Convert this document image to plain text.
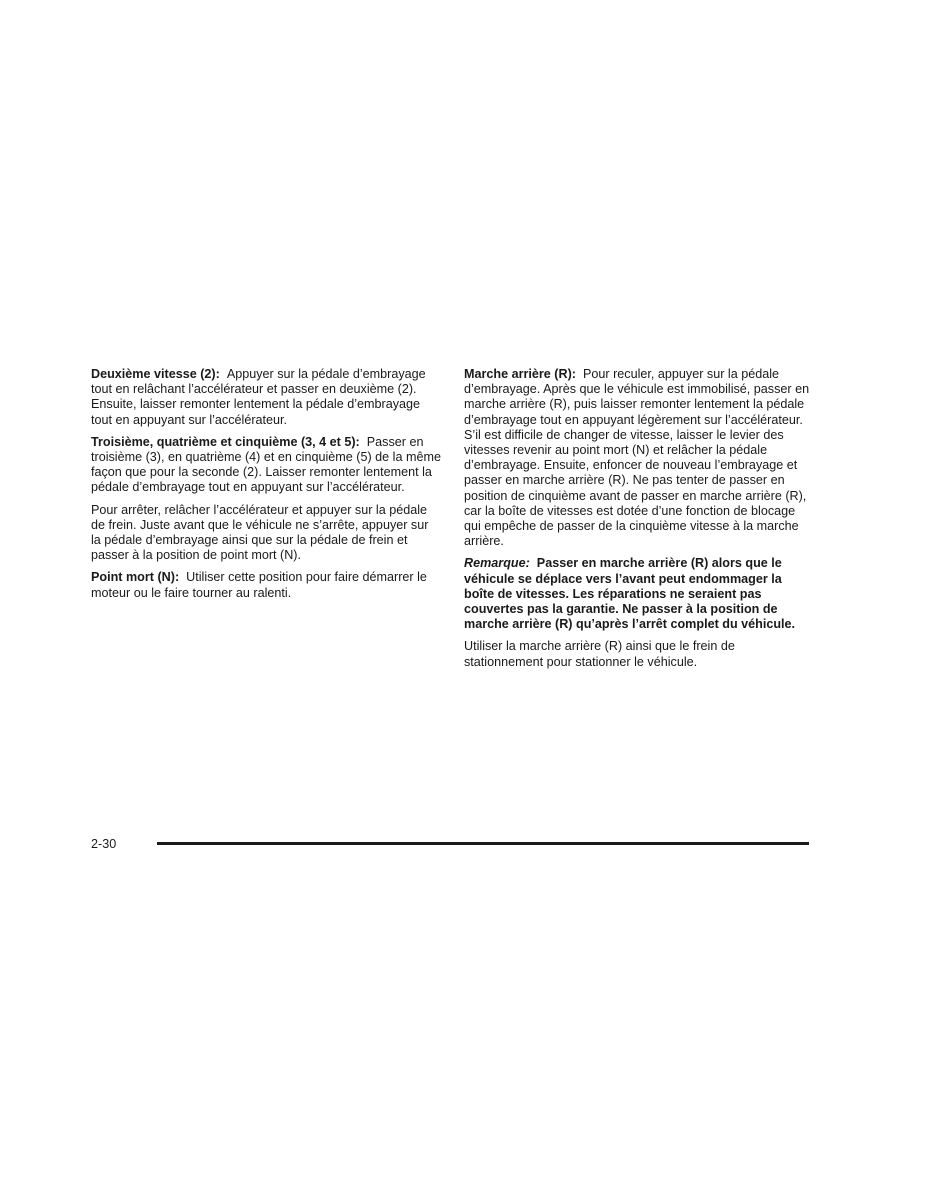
Deuxième vitesse (2): Appuyer sur la pédale d’embrayage tout en relâchant l’accélérateur et passer en deuxième (2). Ensuite, laisser remonter lentement la pédale d’embrayage tout en appuyant sur l’accélérateur.

Troisième, quatrième et cinquième (3, 4 et 5): Passer en troisième (3), en quatrième (4) et en cinquième (5) de la même façon que pour la seconde (2). Laisser remonter lentement la pédale d’embrayage tout en appuyant sur l’accélérateur.

Pour arrêter, relâcher l’accélérateur et appuyer sur la pédale de frein. Juste avant que le véhicule ne s’arrête, appuyer sur la pédale d’embrayage ainsi que sur la pédale de frein et passer à la position de point mort (N).

Point mort (N): Utiliser cette position pour faire démarrer le moteur ou le faire tourner au ralenti.

Marche arrière (R): Pour reculer, appuyer sur la pédale d’embrayage. Après que le véhicule est immobilisé, passer en marche arrière (R), puis laisser remonter lentement la pédale d’embrayage tout en appuyant légèrement sur l’accélérateur. S’il est difficile de changer de vitesse, laisser le levier des vitesses revenir au point mort (N) et relâcher la pédale d’embrayage. Ensuite, enfoncer de nouveau l’embrayage et passer en marche arrière (R). Ne pas tenter de passer en position de cinquième avant de passer en marche arrière (R), car la boîte de vitesses est dotée d’une fonction de blocage qui empêche de passer de la cinquième vitesse à la marche arrière.

Remarque: Passer en marche arrière (R) alors que le véhicule se déplace vers l’avant peut endommager la boîte de vitesses. Les réparations ne seraient pas couvertes pas la garantie. Ne passer à la position de marche arrière (R) qu’après l’arrêt complet du véhicule.

Utiliser la marche arrière (R) ainsi que le frein de stationnement pour stationner le véhicule.

2-30
